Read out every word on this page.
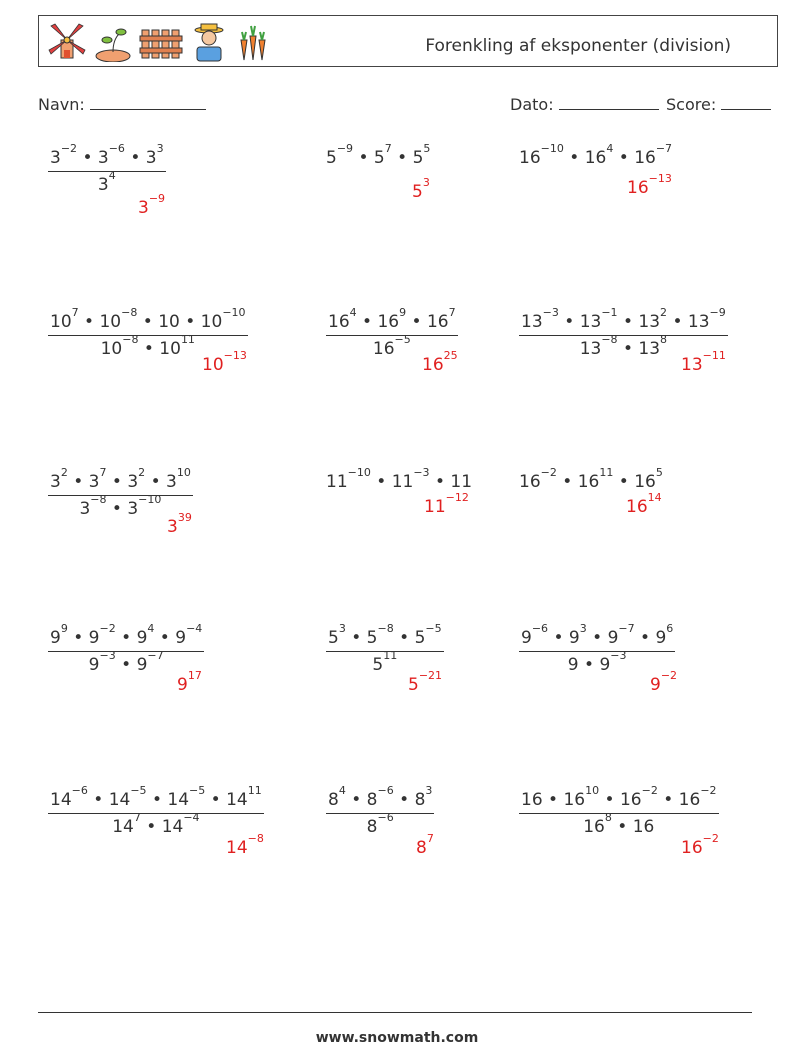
Forenkling af eksponenter (division)
Navn:	Dato:	Score:
$\frac{3^{-2} • 3^{-6} • 3^3}{3^4}$
$3^{-9}$
$5^{-9}$ • $5^7$ • $5^5$
$5^3$
$16^{-10}$ • $16^4$ • $16^{-7}$
$16^{-13}$
$\frac{10^7 • 10^{-8} • 10 • 10^{-10}}{10^{-8} • 10^{11}}$
$10^{-13}$	$\frac{16^4 • 16^9 • 16^7}{16^{-5}}$
$16^{25}$	$\frac{13^{-3} • 13^{-1} • 13^2 • 13^{-9}}{13^{-8} • 13^8}$
$13^{-11}$
$\frac{3^2 • 3^7 • 3^2 • 3^{10}}{3^{-8} • 3^{-10}}$
$3^{39}$
$11^{-10}$ • $11^{-3}$ • 11
$11^{-12}$
$16^{-2}$ • $16^{11}$ • $16^5$
$16^{14}$
$\frac{9^9 • 9^{-2} • 9^4 • 9^{-4}}{9^{-3} • 9^{-7}}$
$9^{17}$
$\frac{5^3 • 5^{-8} • 5^{-5}}{5^{11}}$
$5^{-21}$
$\frac{9^{-6} • 9^3 • 9^{-7} • 9^6}{9 • 9^{-3}}$
$9^{-2}$
$\frac{14^{-6} • 14^{-5} • 14^{-5} • 14^{11}}{14^7 • 14^{-4}}$
$14^{-8}$
$\frac{8^4 • 8^{-6} • 8^3}{8^{-6}}$
$8^7$
$\frac{16 • 16^{10} • 16^{-2} • 16^{-2}}{16^8 • 16}$
$16^{-2}$
www.snowmath.com
